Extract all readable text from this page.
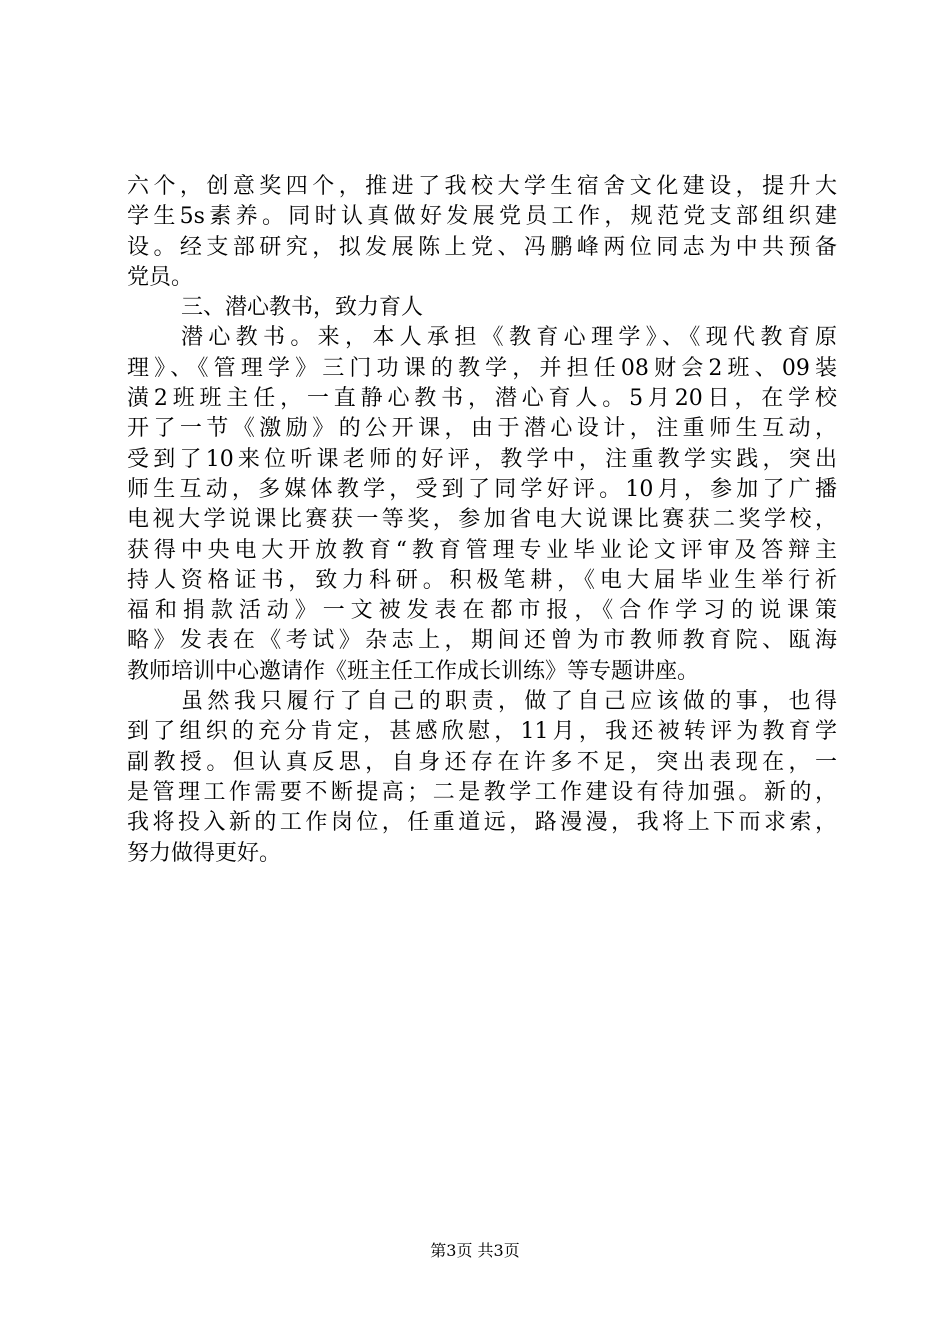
六个，创意奖四个，推进了我校大学生宿舍文化建设，提升大
学生5s素养。同时认真做好发展党员工作，规范党支部组织建
设。经支部研究，拟发展陈上党、冯鹏峰两位同志为中共预备
党员。
三、潜心教书，致力育人
潜心教书。来，本人承担《教育心理学》、《现代教育原
理》、《管理学》三门功课的教学，并担任08财会2班、09装
潢2班班主任，一直静心教书，潜心育人。5月20日，在学校
开了一节《激励》的公开课，由于潜心设计，注重师生互动，
受到了10来位听课老师的好评，教学中，注重教学实践，突出
师生互动，多媒体教学，受到了同学好评。10月，参加了广播
电视大学说课比赛获一等奖，参加省电大说课比赛获二奖学校，
获得中央电大开放教育“教育管理专业毕业论文评审及答辩主
持人资格证书，致力科研。积极笔耕，《电大届毕业生举行祈
福和捐款活动》一文被发表在都市报，《合作学习的说课策
略》发表在《考试》杂志上，期间还曾为市教师教育院、瓯海
教师培训中心邀请作《班主任工作成长训练》等专题讲座。
虽然我只履行了自己的职责，做了自己应该做的事，也得
到了组织的充分肯定，甚感欣慰，11月，我还被转评为教育学
副教授。但认真反思，自身还存在许多不足，突出表现在，一
是管理工作需要不断提高；二是教学工作建设有待加强。新的，
我将投入新的工作岗位，任重道远，路漫漫，我将上下而求索，
努力做得更好。
第3页 共3页
